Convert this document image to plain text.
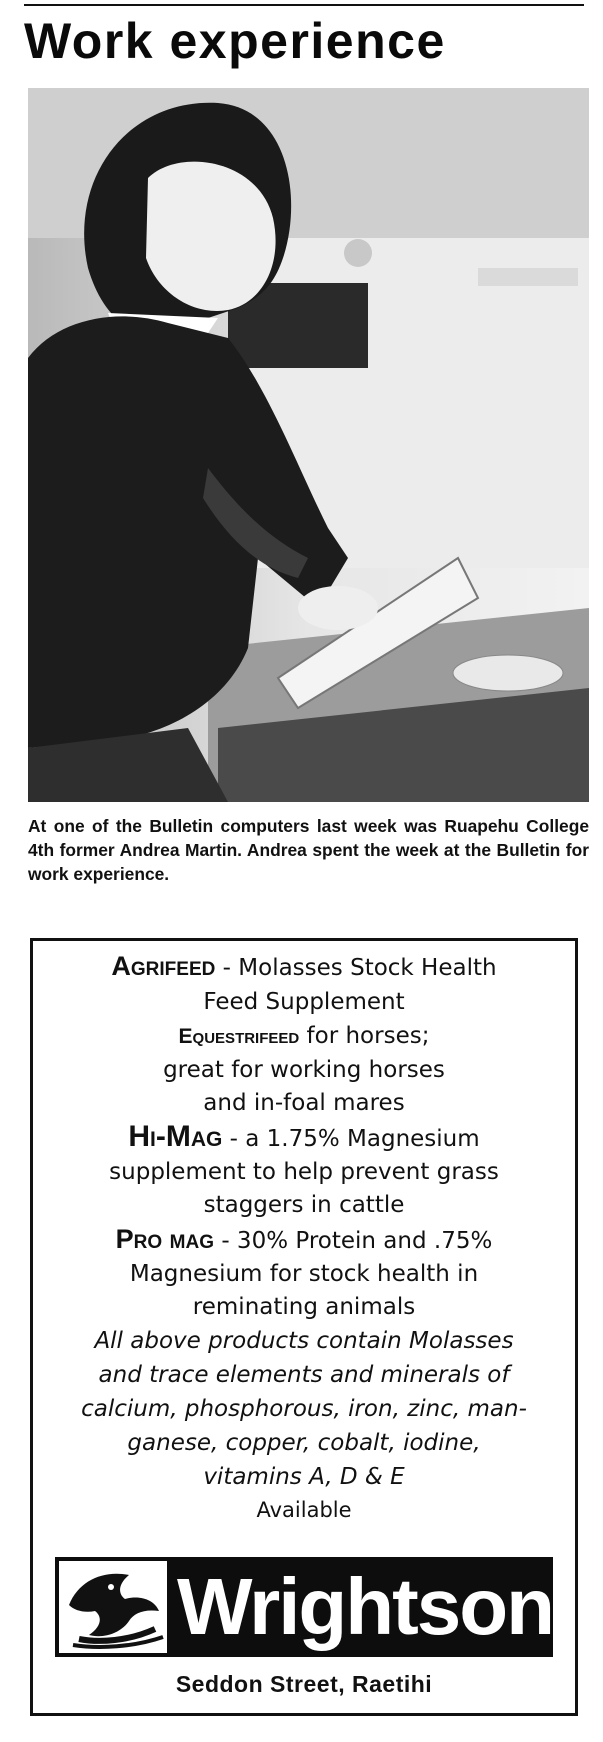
Work experience

At one of the Bulletin computers last week was Ruapehu College 4th former Andrea Martin. Andrea spent the week at the Bulletin for work experience.

Agrifeed - Molasses Stock Health
Feed Supplement
Equestrifeed for horses;
great for working horses
and in-foal mares
Hi-Mag - a 1.75% Magnesium
supplement to help prevent grass
staggers in cattle
Pro mag - 30% Protein and .75%
Magnesium for stock health in
reminating animals
All above products contain Molasses
and trace elements and minerals of
calcium, phosphorous, iron, zinc, man-
ganese, copper, cobalt, iodine,
vitamins A, D & E
Available
Wrightson
Seddon Street, Raetihi
